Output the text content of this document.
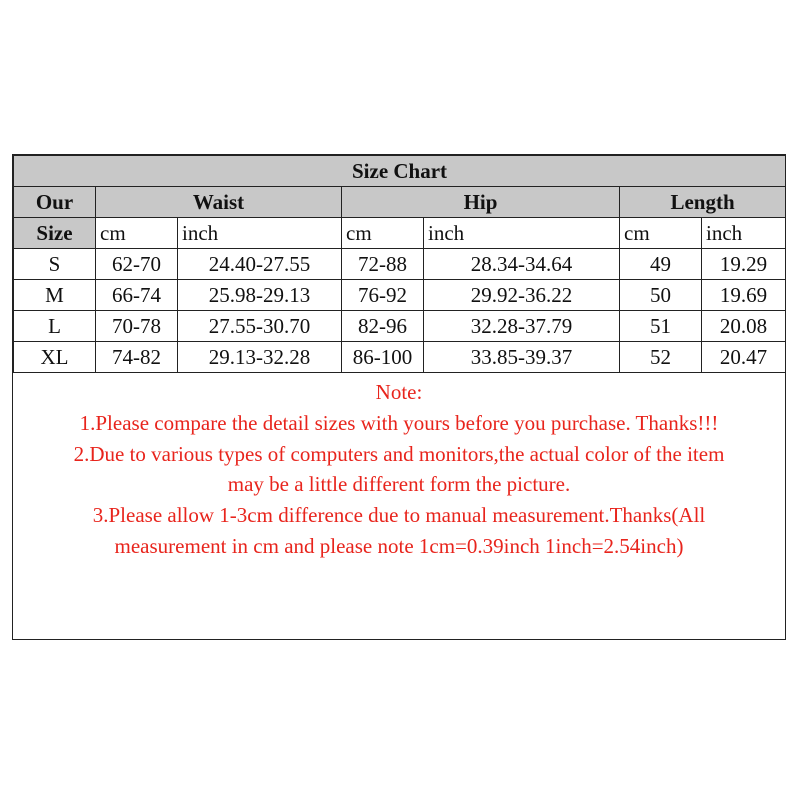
Size Chart						
Our	Waist		Hip		Length	
Size	cm	inch	cm	inch	cm	inch
S	62-70	24.40-27.55	72-88	28.34-34.64	49	19.29
M	66-74	25.98-29.13	76-92	29.92-36.22	50	19.69
L	70-78	27.55-30.70	82-96	32.28-37.79	51	20.08
XL	74-82	29.13-32.28	86-100	33.85-39.37	52	20.47
Note:
1.Please compare the detail sizes with yours before you purchase. Thanks!!!
2.Due to various types of computers and monitors,the actual color of the item
may be a little different form the picture.
3.Please allow 1-3cm difference due to manual measurement.Thanks(All
measurement in cm and please note 1cm=0.39inch 1inch=2.54inch)
